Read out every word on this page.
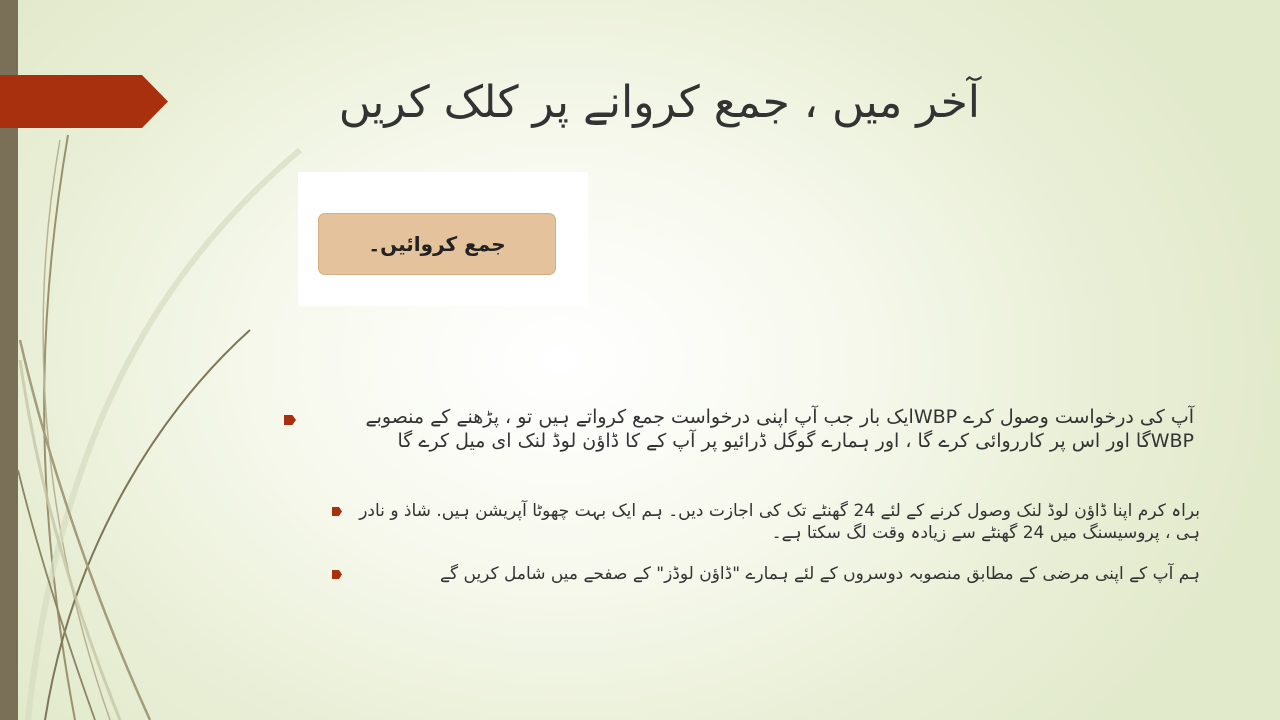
آخر میں ، جمع کروانے پر کلک کریں
جمع کروائیں۔
آپ کی درخواست وصول کرے WBPایک بار جب آپ اپنی درخواست جمع کرواتے ہیں تو ، پڑھنے کے منصوبے WBPگا اور اس پر کارروائی کرے گا ، اور ہمارے گوگل ڈرائیو پر آپ کے کا ڈاؤن لوڈ لنک ای میل کرے گا
براہ کرم اپنا ڈاؤن لوڈ لنک وصول کرنے کے لئے 24 گھنٹے تک کی اجازت دیں۔ ہم ایک بہت چھوٹا آپریشن ہیں. شاذ و نادر ہی ، پروسیسنگ میں 24 گھنٹے سے زیادہ وقت لگ سکتا ہے۔
ہم آپ کے اپنی مرضی کے مطابق منصوبہ دوسروں کے لئے ہمارے "ڈاؤن لوڈز" کے صفحے میں شامل کریں گے
